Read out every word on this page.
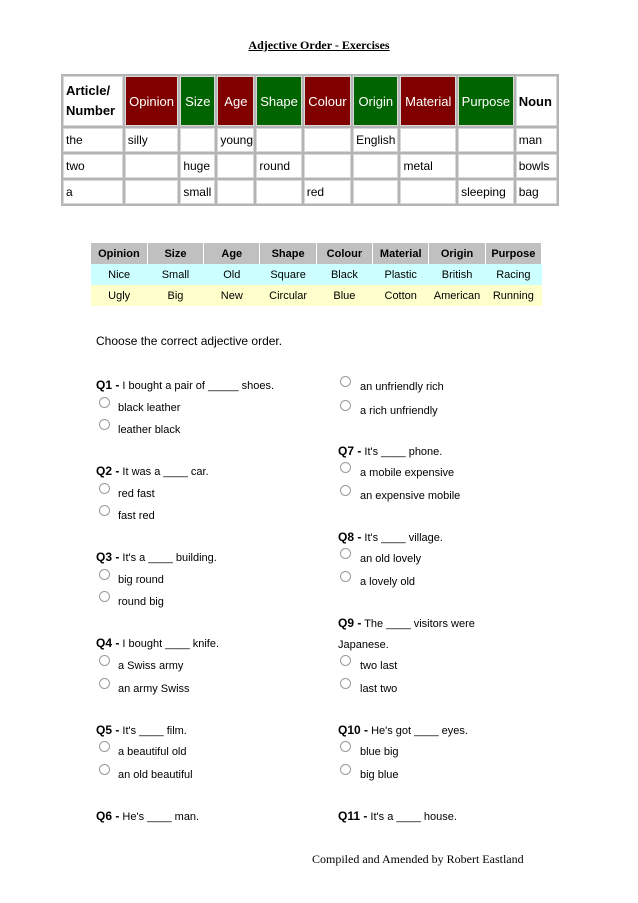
Adjective Order - Exercises
Article/ Number	Opinion	Size	Age	Shape	Colour	Origin	Material	Purpose	Noun
the	silly		young			English			man
two		huge		round			metal		bowls
a		small			red			sleeping	bag
Opinion	Size	Age	Shape	Colour	Material	Origin	Purpose
Nice	Small	Old	Square	Black	Plastic	British	Racing
Ugly	Big	New	Circular	Blue	Cotton	American	Running
Choose the correct adjective order.
Q1 - I bought a pair of _____ shoes.
black leather
leather black
Q2 - It was a ____ car.
red fast
fast red
Q3 - It's a ____ building.
big round
round big
Q4 - I bought ____ knife.
a Swiss army
an army Swiss
Q5 - It's ____ film.
a beautiful old
an old beautiful
Q6 - He's ____ man.
an unfriendly rich
a rich unfriendly
Q7 - It's ____ phone.
a mobile expensive
an expensive mobile
Q8 - It's ____ village.
an old lovely
a lovely old
Q9 - The ____ visitors were
Japanese.
two last
last two
Q10 - He's got ____ eyes.
blue big
big blue
Q11 - It's a ____ house.
Compiled and Amended by Robert Eastland
